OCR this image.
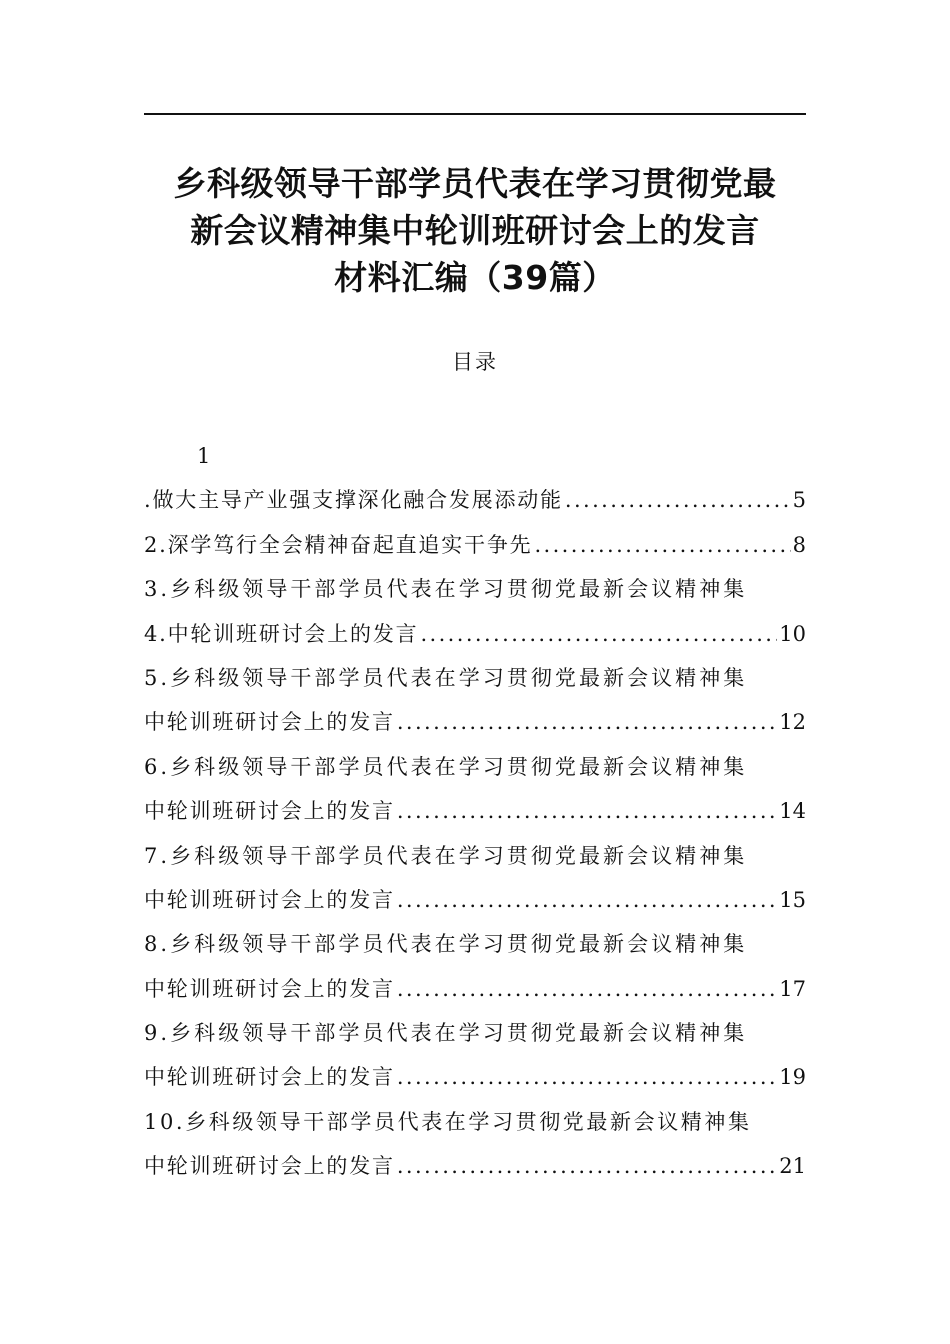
乡科级领导干部学员代表在学习贯彻党最
新会议精神集中轮训班研讨会上的发言
材料汇编（39篇）
目录
1
.做大主导产业强支撑深化融合发展添动能 .....	5
2.深学笃行全会精神奋起直追实干争先 .....	8
3.乡科级领导干部学员代表在学习贯彻党最新会议精神集
4.中轮训班研讨会上的发言 .....	10
5.乡科级领导干部学员代表在学习贯彻党最新会议精神集
中轮训班研讨会上的发言 .....	12
6.乡科级领导干部学员代表在学习贯彻党最新会议精神集
中轮训班研讨会上的发言 .....	14
7.乡科级领导干部学员代表在学习贯彻党最新会议精神集
中轮训班研讨会上的发言 .....	15
8.乡科级领导干部学员代表在学习贯彻党最新会议精神集
中轮训班研讨会上的发言 .....	17
9.乡科级领导干部学员代表在学习贯彻党最新会议精神集
中轮训班研讨会上的发言 .....	19
10.乡科级领导干部学员代表在学习贯彻党最新会议精神集
中轮训班研讨会上的发言 .....	21
